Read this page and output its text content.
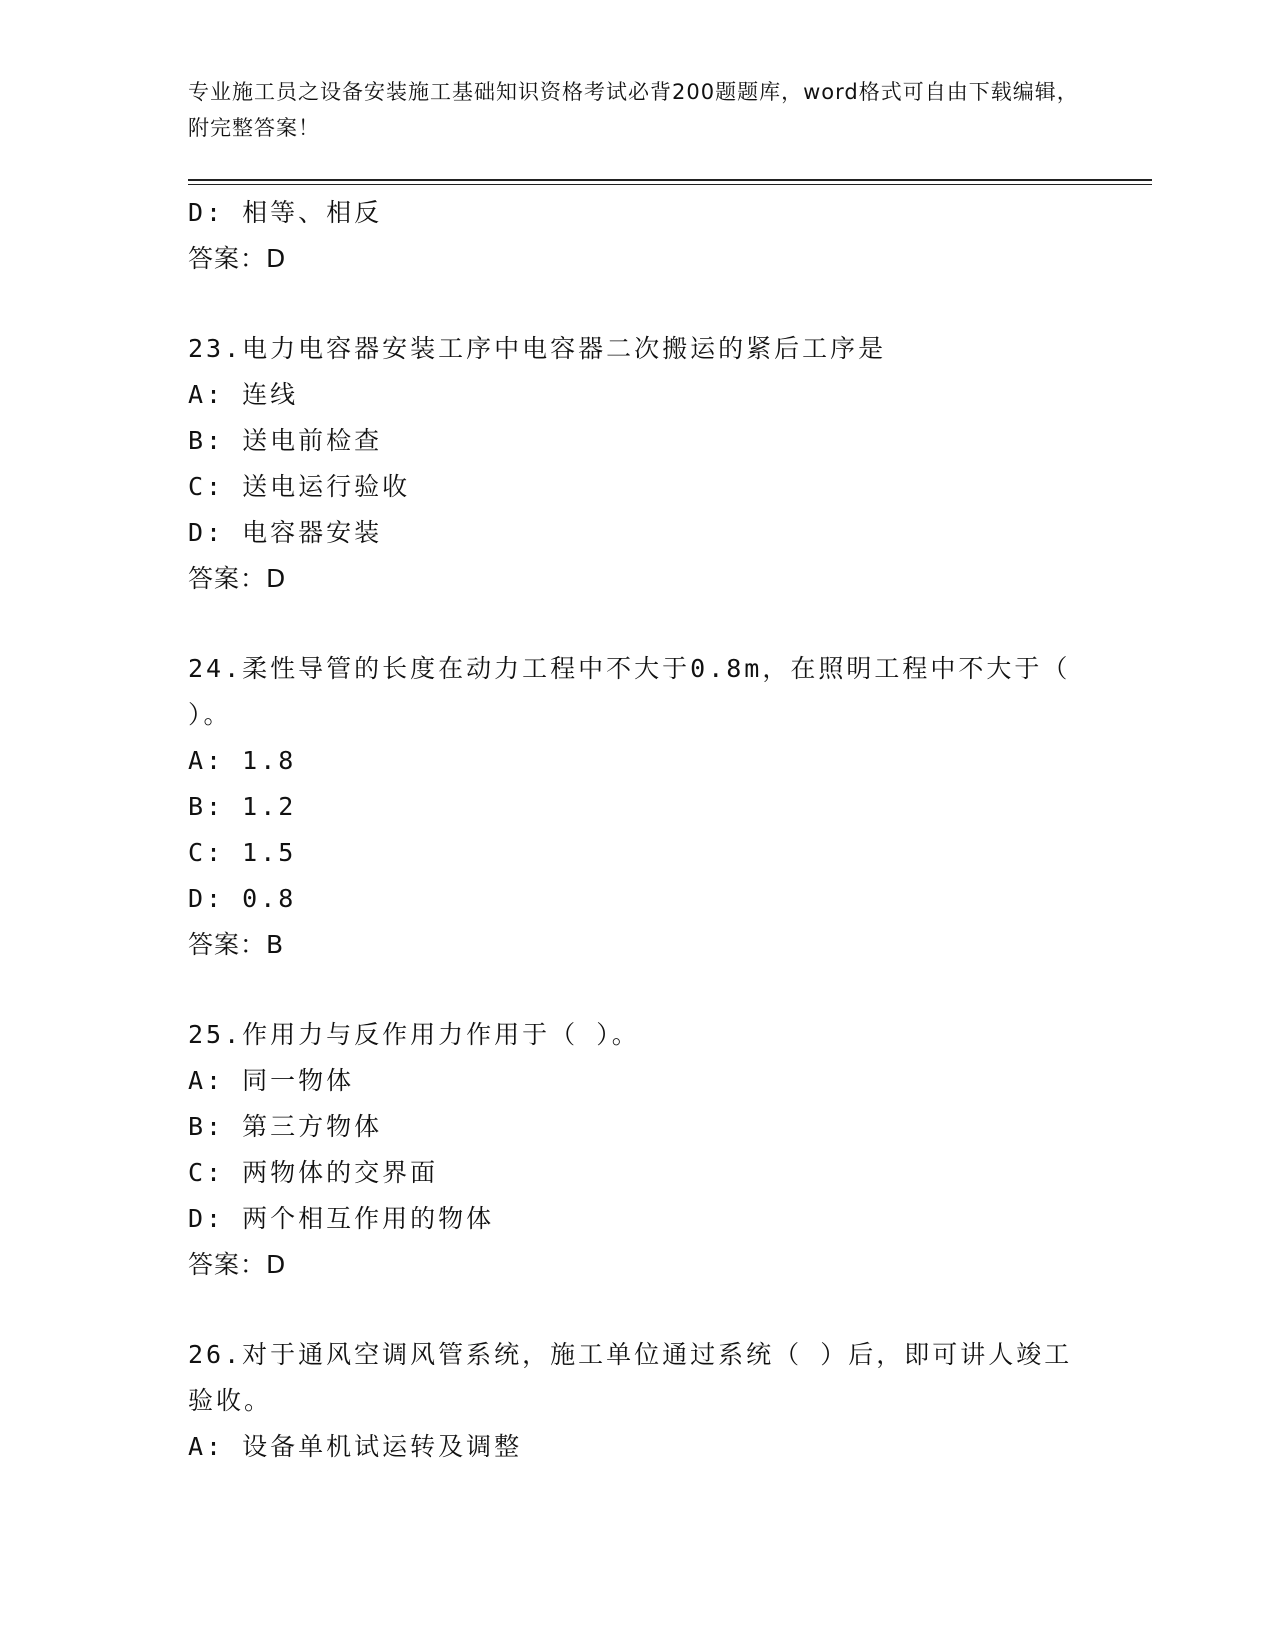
专业施工员之设备安装施工基础知识资格考试必背200题题库，word格式可自由下载编辑，附完整答案！
D: 相等、相反
答案：D
23.电力电容器安装工序中电容器二次搬运的紧后工序是
A: 连线
B: 送电前检查
C: 送电运行验收
D: 电容器安装
答案：D
24.柔性导管的长度在动力工程中不大于0.8m，在照明工程中不大于（ ）。
A: 1.8
B: 1.2
C: 1.5
D: 0.8
答案：B
25.作用力与反作用力作用于（ ）。
A: 同一物体
B: 第三方物体
C: 两物体的交界面
D: 两个相互作用的物体
答案：D
26.对于通风空调风管系统，施工单位通过系统（ ）后，即可讲人竣工验收。
A: 设备单机试运转及调整
